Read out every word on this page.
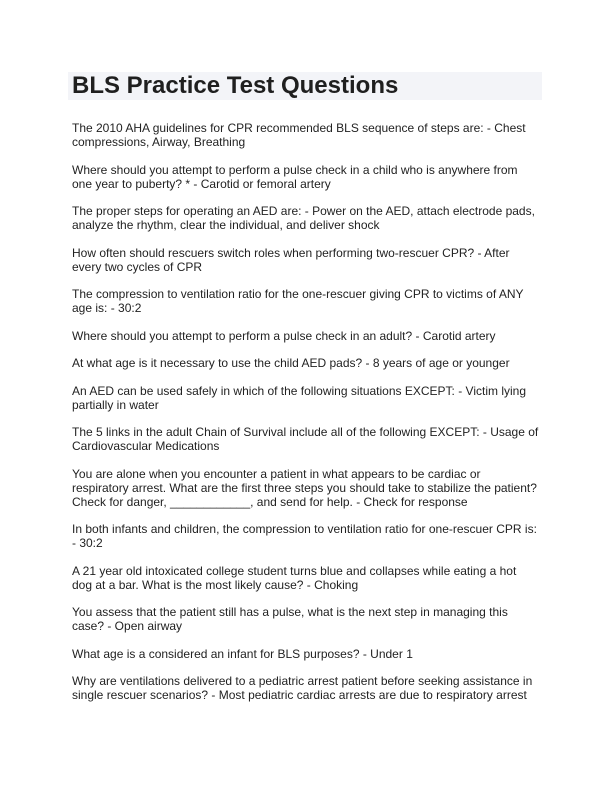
BLS Practice Test Questions

The 2010 AHA guidelines for CPR recommended BLS sequence of steps are: - Chest
compressions, Airway, Breathing

Where should you attempt to perform a pulse check in a child who is anywhere from
one year to puberty? * - Carotid or femoral artery

The proper steps for operating an AED are: - Power on the AED, attach electrode pads,
analyze the rhythm, clear the individual, and deliver shock

How often should rescuers switch roles when performing two-rescuer CPR? - After
every two cycles of CPR

The compression to ventilation ratio for the one-rescuer giving CPR to victims of ANY
age is: - 30:2

Where should you attempt to perform a pulse check in an adult? - Carotid artery

At what age is it necessary to use the child AED pads? - 8 years of age or younger

An AED can be used safely in which of the following situations EXCEPT: - Victim lying
partially in water

The 5 links in the adult Chain of Survival include all of the following EXCEPT: - Usage of
Cardiovascular Medications

You are alone when you encounter a patient in what appears to be cardiac or
respiratory arrest. What are the first three steps you should take to stabilize the patient?
Check for danger, ____________, and send for help. - Check for response

In both infants and children, the compression to ventilation ratio for one-rescuer CPR is:
- 30:2

A 21 year old intoxicated college student turns blue and collapses while eating a hot
dog at a bar. What is the most likely cause? - Choking

You assess that the patient still has a pulse, what is the next step in managing this
case? - Open airway

What age is a considered an infant for BLS purposes? - Under 1

Why are ventilations delivered to a pediatric arrest patient before seeking assistance in
single rescuer scenarios? - Most pediatric cardiac arrests are due to respiratory arrest
